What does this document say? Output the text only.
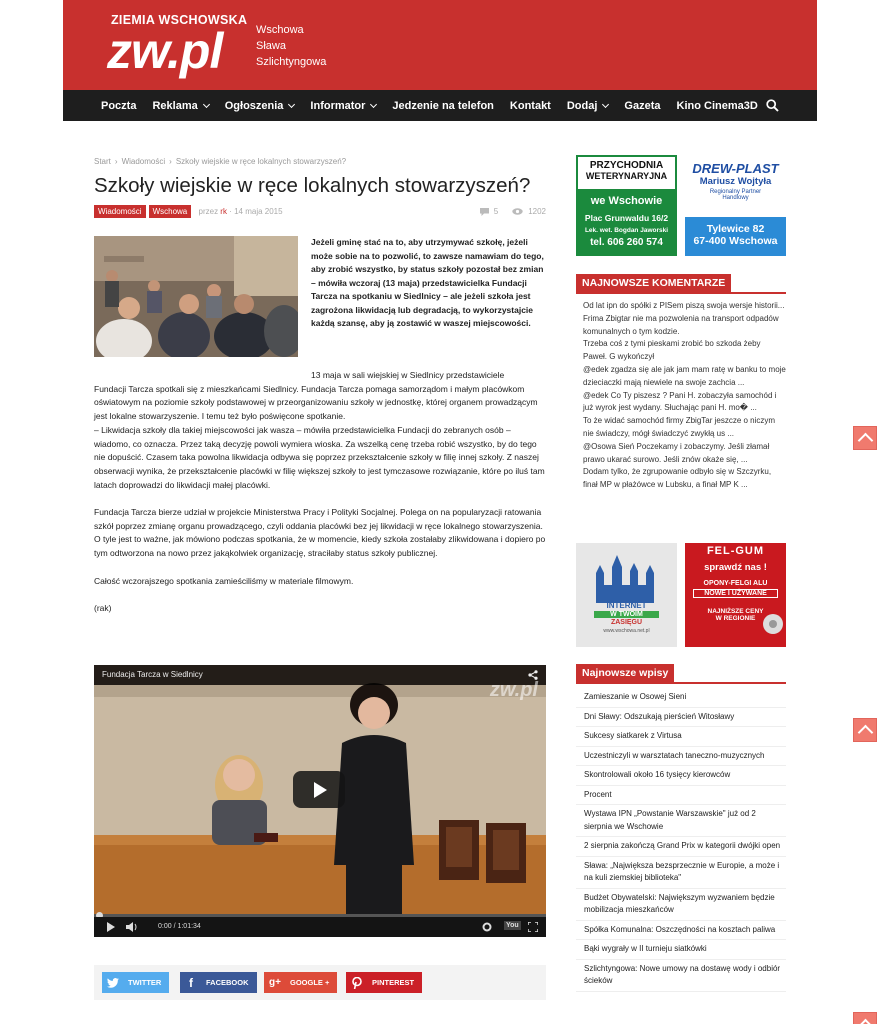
ZIEMIA WSCHOWSKA
zw.pl	Wschowa
Sława
Szlichtyngowa
Poczta Reklama Ogłoszenia Informator Jedzenie na telefon Kontakt Dodaj Gazeta Kino Cinema3D
Start › Wiadomości › Szkoły wiejskie w ręce lokalnych stowarzyszeń?
Szkoły wiejskie w ręce lokalnych stowarzyszeń?
Wiadomości Wschowa przez rk · 14 maja 2015	5	1202
Jeżeli gminę stać na to, aby utrzymywać szkołę, jeżeli może sobie na to pozwolić, to zawsze namawiam do tego, aby zrobić wszystko, by status szkoły pozostał bez zmian – mówiła wczoraj (13 maja) przedstawicielka Fundacji Tarcza na spotkaniu w Siedlnicy – ale jeżeli szkoła jest zagrożona likwidacją lub degradacją, to wykorzystajcie każdą szansę, aby ją zostawić w waszej miejscowości.

13 maja w sali wiejskiej w Siedlnicy przedstawiciele
Fundacji Tarcza spotkali się z mieszkańcami Siedlnicy. Fundacja Tarcza pomaga samorządom i małym placówkom oświatowym na poziomie szkoły podstawowej w przeorganizowaniu szkoły w jednostkę, której organem prowadzącym jest lokalne stowarzyszenie. I temu też było poświęcone spotkanie.
– Likwidacja szkoły dla takiej miejscowości jak wasza – mówiła przedstawicielka Fundacji do zebranych osób – wiadomo, co oznacza. Przez taką decyzję powoli wymiera wioska. Za wszelką cenę trzeba robić wszystko, by do tego nie dopuścić. Czasem taka powolna likwidacja odbywa się poprzez przekształcenie szkoły w filię innej szkoły. Z naszej obserwacji wynika, że przekształcenie placówki w filię większej szkoły to jest tymczasowe rozwiązanie, które po iluś tam latach doprowadzi do likwidacji małej placówki.

Fundacja Tarcza bierze udział w projekcie Ministerstwa Pracy i Polityki Socjalnej. Polega on na popularyzacji ratowania szkół poprzez zmianę organu prowadzącego, czyli oddania placówki bez jej likwidacji w ręce lokalnego stowarzyszenia. O tyle jest to ważne, jak mówiono podczas spotkania, że w momencie, kiedy szkoła zostałaby zlikwidowana i dopiero po tym odtworzona na nowo przez jakąkolwiek organizację, straciłaby status szkoły publicznej.

Całość wczorajszego spotkania zamieściliśmy w materiale filmowym.

(rak)

Fundacja Tarcza w Siedlnicy
zw.pl
0:00 / 1:01:34	You
TWITTER	f	FACEBOOK	g+	GOOGLE +	PINTEREST
PRZYCHODNIA
WETERYNARYJNA
we Wschowie
Plac Grunwaldu 16/2
Lek. wet. Bogdan Jaworski
tel. 606 260 574
DREW-PLAST
Mariusz Wojtyła
Regionalny Partner
Handlowy
Tylewice 82
67-400 Wschowa
NAJNOWSZE KOMENTARZE
Od lat ipn do spółki z PISem piszą swoja wersje historii...
Frima Zbigtar nie ma pozwolenia na transport odpadów komunalnych o tym kodzie.
Trzeba coś z tymi pieskami zrobić bo szkoda żeby Paweł. G wykończył
@edek zgadza się ale jak jam mam ratę w banku to moje dzieciaczki mają niewiele na swoje zachcia ...
@edek Co Ty piszesz ? Pani H. zobaczyła samochód i już wyrok jest wydany. Słuchając pani H. mo� ...
To że widać samochód firmy ZbigTar jeszcze o niczym nie świadczy, mógł świadczyć zwykłą us ...
@Osowa Sień Poczekamy i zobaczymy. Jeśli złamał prawo ukarać surowo. Jeśli znów okaże się, ...
Dodam tylko, że zgrupowanie odbyło się w Szczyrku, finał MP w płażówce w Lubsku, a finał MP K ...
INTERNET
W TWOIM
ZASIĘGU
www.wschowa.net.pl
FEL-GUM
sprawdź nas !
OPONY-FELGI ALU
NOWE I UŻYWANE
NAJNIŻSZE CENY
W REGIONIE
Najnowsze wpisy
Zamieszanie w Osowej Sieni
Dni Sławy: Odszukają pierścień Witosławy
Sukcesy siatkarek z Virtusa
Uczestniczyli w warsztatach taneczno-muzycznych
Skontrolowali około 16 tysięcy kierowców
Procent
Wystawa IPN „Powstanie Warszawskie" już od 2 sierpnia we Wschowie
2 sierpnia zakończą Grand Prix w kategorii dwójki open
Sława: „Największa bezsprzecznie w Europie, a może i na kuli ziemskiej biblioteka"
Budżet Obywatelski: Największym wyzwaniem będzie mobilizacja mieszkańców
Spółka Komunalna: Oszczędności na kosztach paliwa
Bąki wygrały w II turnieju siatkówki
Szlichtyngowa: Nowe umowy na dostawę wody i odbiór ścieków
